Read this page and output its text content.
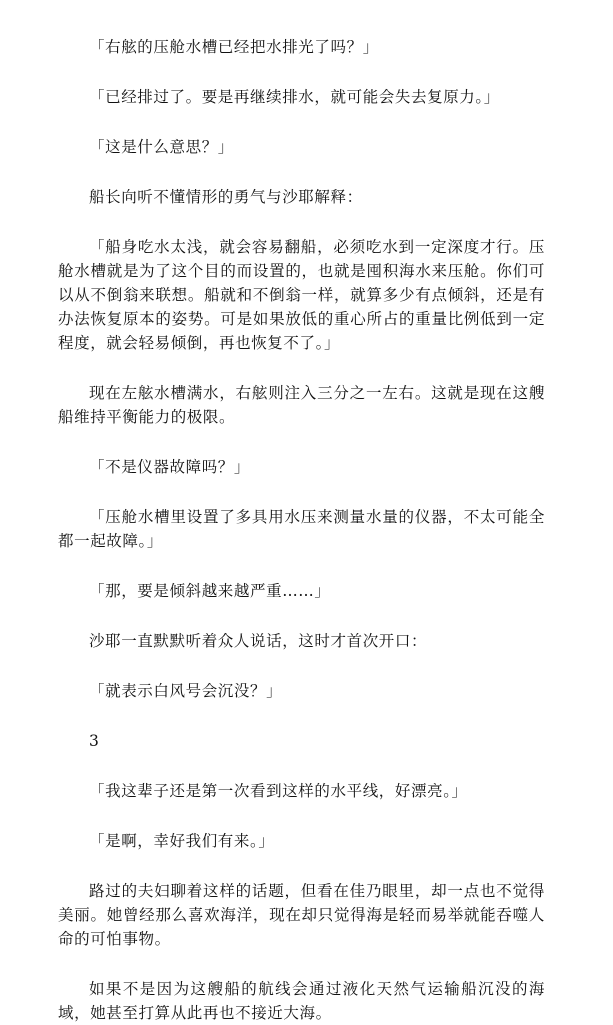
「右舷的压舱水槽已经把水排光了吗？」

「已经排过了。要是再继续排水，就可能会失去复原力。」

「这是什么意思？」

船长向听不懂情形的勇气与沙耶解释：

「船身吃水太浅，就会容易翻船，必须吃水到一定深度才行。压舱水槽就是为了这个目的而设置的，也就是囤积海水来压舱。你们可以从不倒翁来联想。船就和不倒翁一样，就算多少有点倾斜，还是有办法恢复原本的姿势。可是如果放低的重心所占的重量比例低到一定程度，就会轻易倾倒，再也恢复不了。」

现在左舷水槽满水，右舷则注入三分之一左右。这就是现在这艘船维持平衡能力的极限。

「不是仪器故障吗？」

「压舱水槽里设置了多具用水压来测量水量的仪器，不太可能全都一起故障。」

「那，要是倾斜越来越严重……」

沙耶一直默默听着众人说话，这时才首次开口：

「就表示白风号会沉没？」

3

「我这辈子还是第一次看到这样的水平线，好漂亮。」

「是啊，幸好我们有来。」

路过的夫妇聊着这样的话题，但看在佳乃眼里，却一点也不觉得美丽。她曾经那么喜欢海洋，现在却只觉得海是轻而易举就能吞噬人命的可怕事物。

如果不是因为这艘船的航线会通过液化天然气运输船沉没的海域，她甚至打算从此再也不接近大海。
